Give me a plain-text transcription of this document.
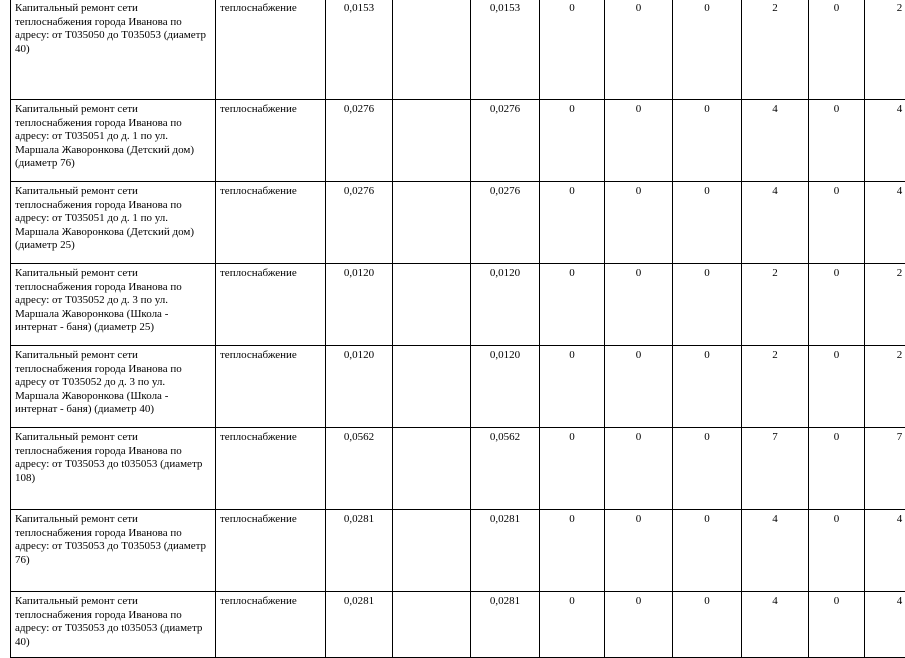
Капитальный ремонт сети теплоснабжения города Иванова по адресу: от Т035050 до Т035053 (диаметр 40)	теплоснабжение	0,0153		0,0153	0	0	0	2	0	2
Капитальный ремонт сети теплоснабжения города Иванова по адресу: от Т035051 до д. 1 по ул. Маршала Жаворонкова (Детский дом) (диаметр 76)	теплоснабжение	0,0276		0,0276	0	0	0	4	0	4
Капитальный ремонт сети теплоснабжения города Иванова по адресу: от Т035051 до д. 1 по ул. Маршала Жаворонкова (Детский дом) (диаметр 25)	теплоснабжение	0,0276		0,0276	0	0	0	4	0	4
Капитальный ремонт сети теплоснабжения города Иванова по адресу: от Т035052 до д. 3 по ул. Маршала Жаворонкова (Школа - интернат - баня) (диаметр 25)	теплоснабжение	0,0120		0,0120	0	0	0	2	0	2
Капитальный ремонт сети теплоснабжения города Иванова по адресу от Т035052 до д. 3 по ул. Маршала Жаворонкова (Школа - интернат - баня) (диаметр 40)	теплоснабжение	0,0120		0,0120	0	0	0	2	0	2
Капитальный ремонт сети теплоснабжения города Иванова по адресу: от Т035053 до t035053 (диаметр 108)	теплоснабжение	0,0562		0,0562	0	0	0	7	0	7
Капитальный ремонт сети теплоснабжения города Иванова по адресу: от Т035053 до Т035053 (диаметр 76)	теплоснабжение	0,0281		0,0281	0	0	0	4	0	4
Капитальный ремонт сети теплоснабжения города Иванова по адресу: от Т035053 до t035053 (диаметр 40)	теплоснабжение	0,0281		0,0281	0	0	0	4	0	4
